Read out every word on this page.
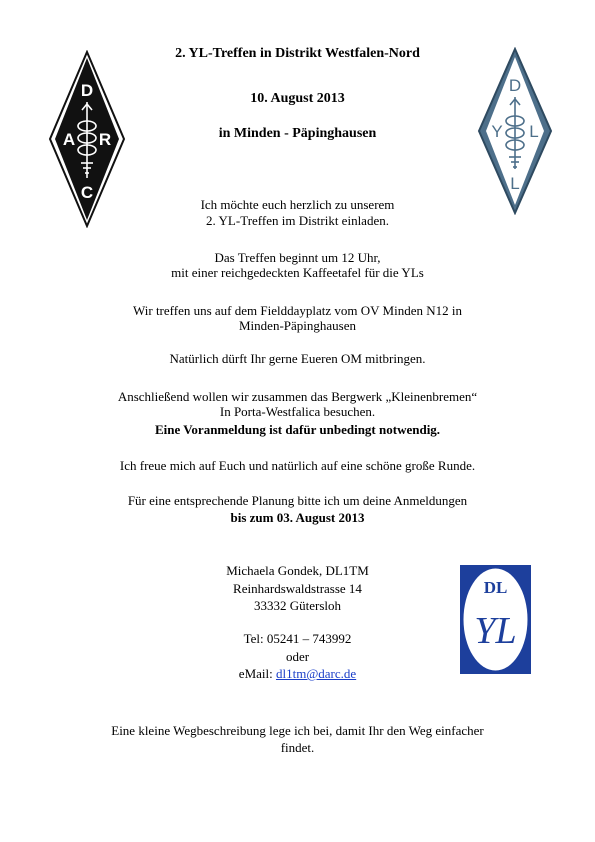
D
A R
C
D
Y L
L
DL
YL
2. YL-Treffen in Distrikt Westfalen-Nord
10. August 2013
in Minden - Päpinghausen
Ich möchte euch herzlich zu unserem
2. YL-Treffen im Distrikt einladen.
Das Treffen beginnt um 12 Uhr,
mit einer reichgedeckten Kaffeetafel für die YLs
Wir treffen uns auf dem Fielddayplatz vom OV Minden N12 in
Minden-Päpinghausen
Natürlich dürft Ihr gerne Eueren OM mitbringen.
Anschließend wollen wir zusammen das Bergwerk „Kleinenbremen“
In Porta-Westfalica besuchen.
Eine Voranmeldung ist dafür unbedingt notwendig.
Ich freue mich auf Euch und natürlich auf eine schöne große Runde.
Für eine entsprechende Planung bitte ich um deine Anmeldungen
bis zum 03. August 2013
Michaela Gondek, DL1TM
Reinhardswaldstrasse 14
33332 Gütersloh
Tel: 05241 – 743992
oder
eMail: dl1tm@darc.de
Eine kleine Wegbeschreibung lege ich bei, damit Ihr den Weg einfacher
findet.
